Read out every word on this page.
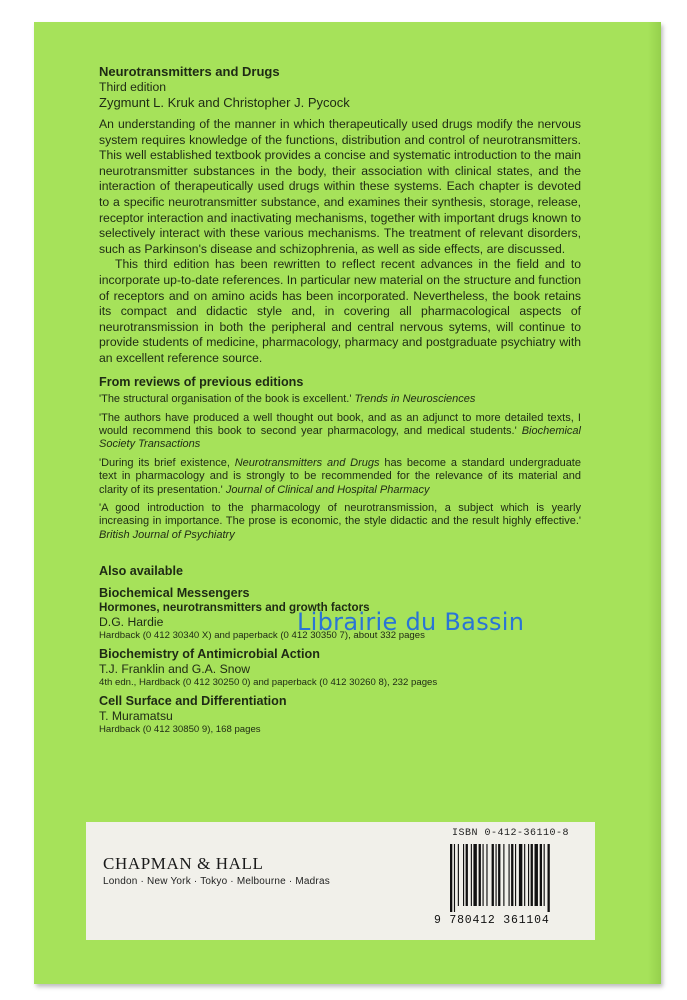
Neurotransmitters and Drugs
Third edition
Zygmunt L. Kruk and Christopher J. Pycock

An understanding of the manner in which therapeutically used drugs modify the nervous system requires knowledge of the functions, distribution and control of neurotransmitters. This well established textbook provides a concise and systematic introduction to the main neurotransmitter substances in the body, their association with clinical states, and the interaction of therapeutically used drugs within these systems. Each chapter is devoted to a specific neurotransmitter substance, and examines their synthesis, storage, release, receptor interaction and inactivating mechanisms, together with important drugs known to selectively interact with these various mechanisms. The treatment of relevant disorders, such as Parkinson's disease and schizophrenia, as well as side effects, are discussed.

This third edition has been rewritten to reflect recent advances in the field and to incorporate up-to-date references. In particular new material on the structure and function of receptors and on amino acids has been incorporated. Nevertheless, the book retains its compact and didactic style and, in covering all pharmacological aspects of neurotransmission in both the peripheral and central nervous sytems, will continue to provide students of medicine, pharmacology, pharmacy and postgraduate psychiatry with an excellent reference source.

From reviews of previous editions
'The structural organisation of the book is excellent.' Trends in Neurosciences
'The authors have produced a well thought out book, and as an adjunct to more detailed texts, I would recommend this book to second year pharmacology, and medical students.' Biochemical Society Transactions
'During its brief existence, Neurotransmitters and Drugs has become a standard undergraduate text in pharmacology and is strongly to be recommended for the relevance of its material and clarity of its presentation.' Journal of Clinical and Hospital Pharmacy
'A good introduction to the pharmacology of neurotransmission, a subject which is yearly increasing in importance. The prose is economic, the style didactic and the result highly effective.' British Journal of Psychiatry
Also available
Biochemical Messengers
Hormones, neurotransmitters and growth factors
D.G. Hardie
Hardback (0 412 30340 X) and paperback (0 412 30350 7), about 332 pages
Biochemistry of Antimicrobial Action
T.J. Franklin and G.A. Snow
4th edn., Hardback (0 412 30250 0) and paperback (0 412 30260 8), 232 pages
Cell Surface and Differentiation
T. Muramatsu
Hardback (0 412 30850 9), 168 pages
Librairie du Bassin
CHAPMAN & HALL
London · New York · Tokyo · Melbourne · Madras
ISBN 0-412-36110-8
9 780412 361104
